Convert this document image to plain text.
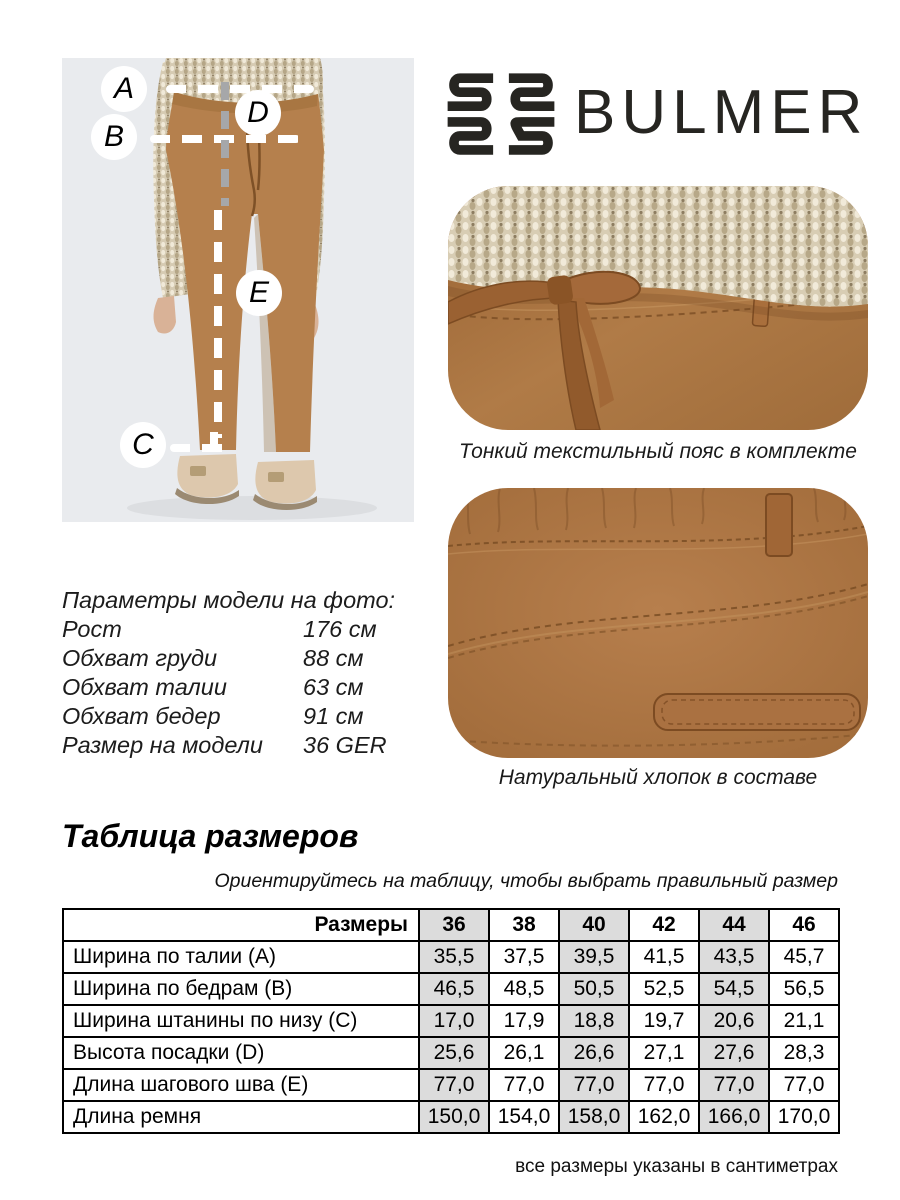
A
B
D
E
C
BULMER
Тонкий текстильный пояс в комплекте
Натуральный хлопок в составе
Параметры модели на фото:
Рост	176 см
Обхват груди	88 см
Обхват талии	63 см
Обхват бедер	91 см
Размер на модели	36 GER
Таблица размеров
Ориентируйтесь на таблицу, чтобы выбрать правильный размер
Размеры	36	38	40	42	44	46
Ширина по талии (A)	35,5	37,5	39,5	41,5	43,5	45,7
Ширина по бедрам (B)	46,5	48,5	50,5	52,5	54,5	56,5
Ширина штанины по низу (C)	17,0	17,9	18,8	19,7	20,6	21,1
Высота посадки (D)	25,6	26,1	26,6	27,1	27,6	28,3
Длина шагового шва (E)	77,0	77,0	77,0	77,0	77,0	77,0
Длина ремня	150,0	154,0	158,0	162,0	166,0	170,0
все размеры указаны в сантиметрах
